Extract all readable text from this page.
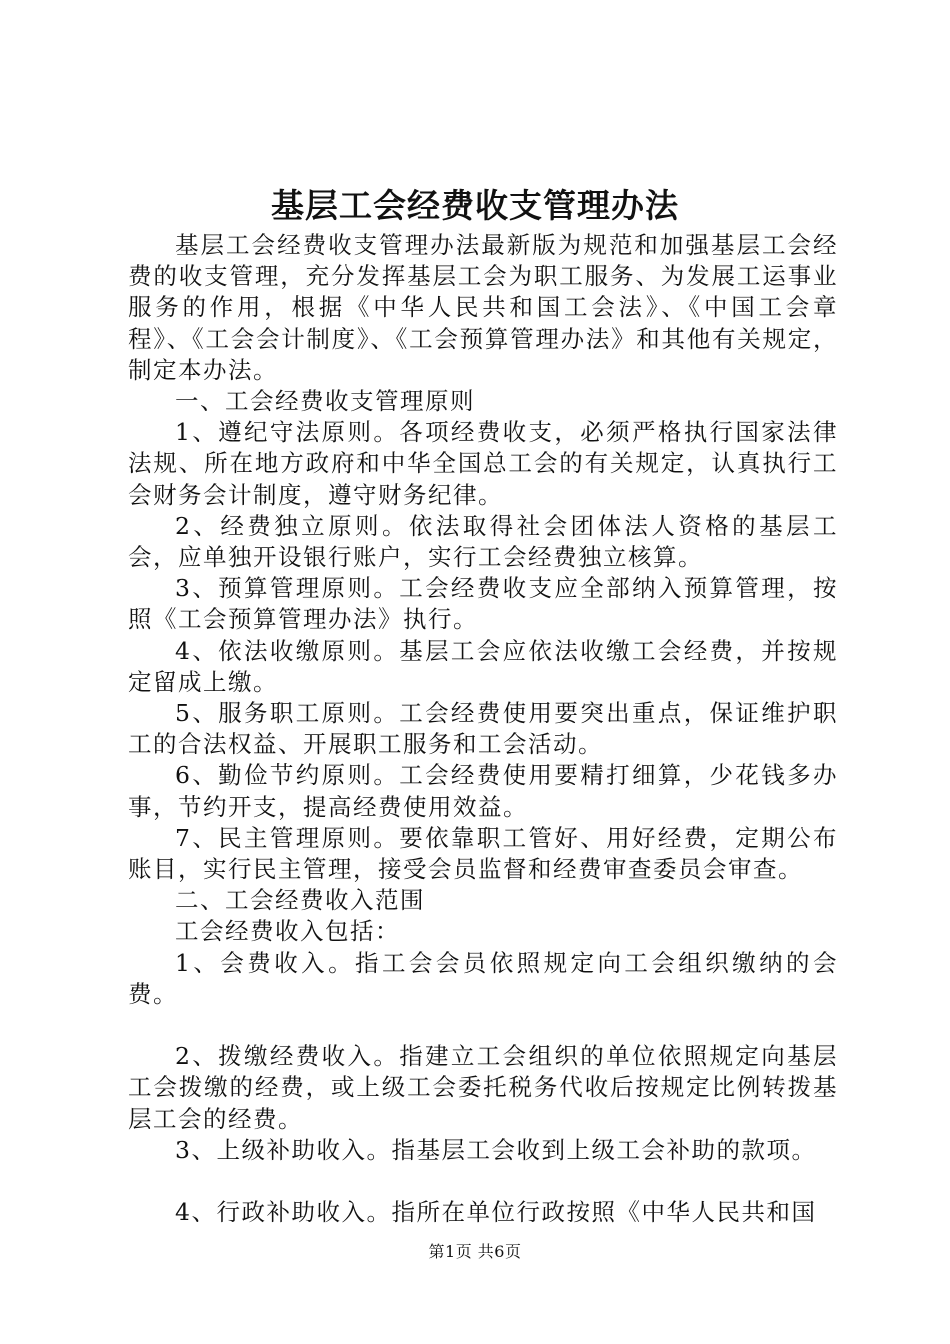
基层工会经费收支管理办法

基层工会经费收支管理办法最新版为规范和加强基层工会经费的收支管理，充分发挥基层工会为职工服务、为发展工运事业服务的作用，根据《中华人民共和国工会法》、《中国工会章程》、《工会会计制度》、《工会预算管理办法》和其他有关规定，制定本办法。

一、工会经费收支管理原则

1、遵纪守法原则。各项经费收支，必须严格执行国家法律法规、所在地方政府和中华全国总工会的有关规定，认真执行工会财务会计制度，遵守财务纪律。

2、经费独立原则。依法取得社会团体法人资格的基层工会，应单独开设银行账户，实行工会经费独立核算。

3、预算管理原则。工会经费收支应全部纳入预算管理，按照《工会预算管理办法》执行。

4、依法收缴原则。基层工会应依法收缴工会经费，并按规定留成上缴。

5、服务职工原则。工会经费使用要突出重点，保证维护职工的合法权益、开展职工服务和工会活动。

6、勤俭节约原则。工会经费使用要精打细算，少花钱多办事，节约开支，提高经费使用效益。

7、民主管理原则。要依靠职工管好、用好经费，定期公布账目，实行民主管理，接受会员监督和经费审查委员会审查。

二、工会经费收入范围

工会经费收入包括：

1、会费收入。指工会会员依照规定向工会组织缴纳的会费。

2、拨缴经费收入。指建立工会组织的单位依照规定向基层工会拨缴的经费，或上级工会委托税务代收后按规定比例转拨基层工会的经费。

3、上级补助收入。指基层工会收到上级工会补助的款项。

4、行政补助收入。指所在单位行政按照《中华人民共和国

第1页 共6页
